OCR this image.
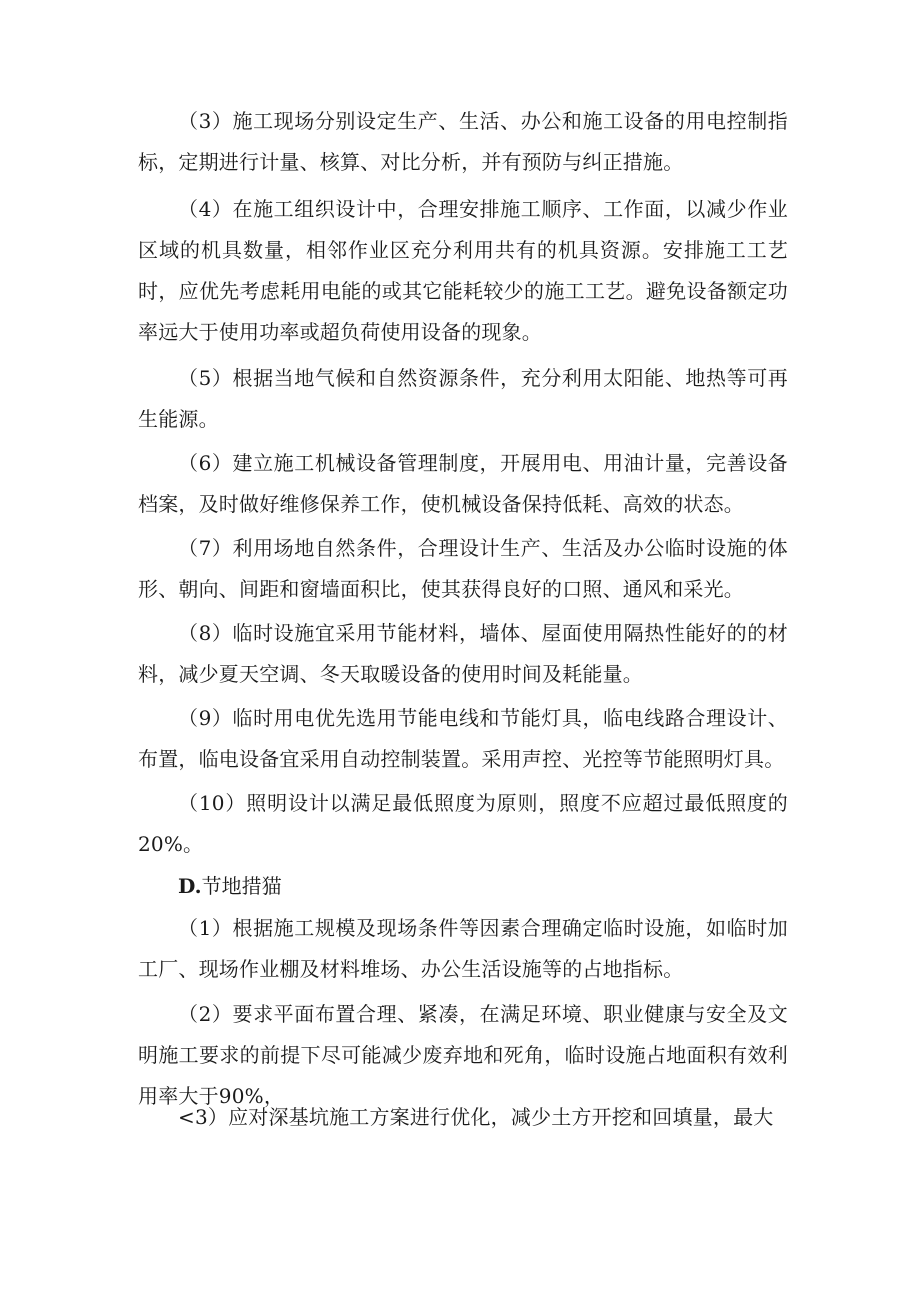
（3）施工现场分别设定生产、生活、办公和施工设备的用电控制指标，定期进行计量、核算、对比分析，并有预防与纠正措施。

（4）在施工组织设计中，合理安排施工顺序、工作面，以减少作业区域的机具数量，相邻作业区充分利用共有的机具资源。安排施工工艺时，应优先考虑耗用电能的或其它能耗较少的施工工艺。避免设备额定功率远大于使用功率或超负荷使用设备的现象。

（5）根据当地气候和自然资源条件，充分利用太阳能、地热等可再生能源。

（6）建立施工机械设备管理制度，开展用电、用油计量，完善设备档案，及时做好维修保养工作，使机械设备保持低耗、高效的状态。

（7）利用场地自然条件，合理设计生产、生活及办公临时设施的体形、朝向、间距和窗墙面积比，使其获得良好的口照、通风和采光。

（8）临时设施宜采用节能材料，墙体、屋面使用隔热性能好的的材料，减少夏天空调、冬天取暖设备的使用时间及耗能量。

（9）临时用电优先选用节能电线和节能灯具，临电线路合理设计、布置，临电设备宜采用自动控制装置。采用声控、光控等节能照明灯具。

（10）照明设计以满足最低照度为原则，照度不应超过最低照度的20%。

D.节地措猫

（1）根据施工规模及现场条件等因素合理确定临时设施，如临时加工厂、现场作业棚及材料堆场、办公生活设施等的占地指标。

（2）要求平面布置合理、紧凑，在满足环境、职业健康与安全及文明施工要求的前提下尽可能减少废弃地和死角，临时设施占地面积有效利用率大于90%，

<3）应对深基坑施工方案进行优化，减少土方开挖和回填量，最大
